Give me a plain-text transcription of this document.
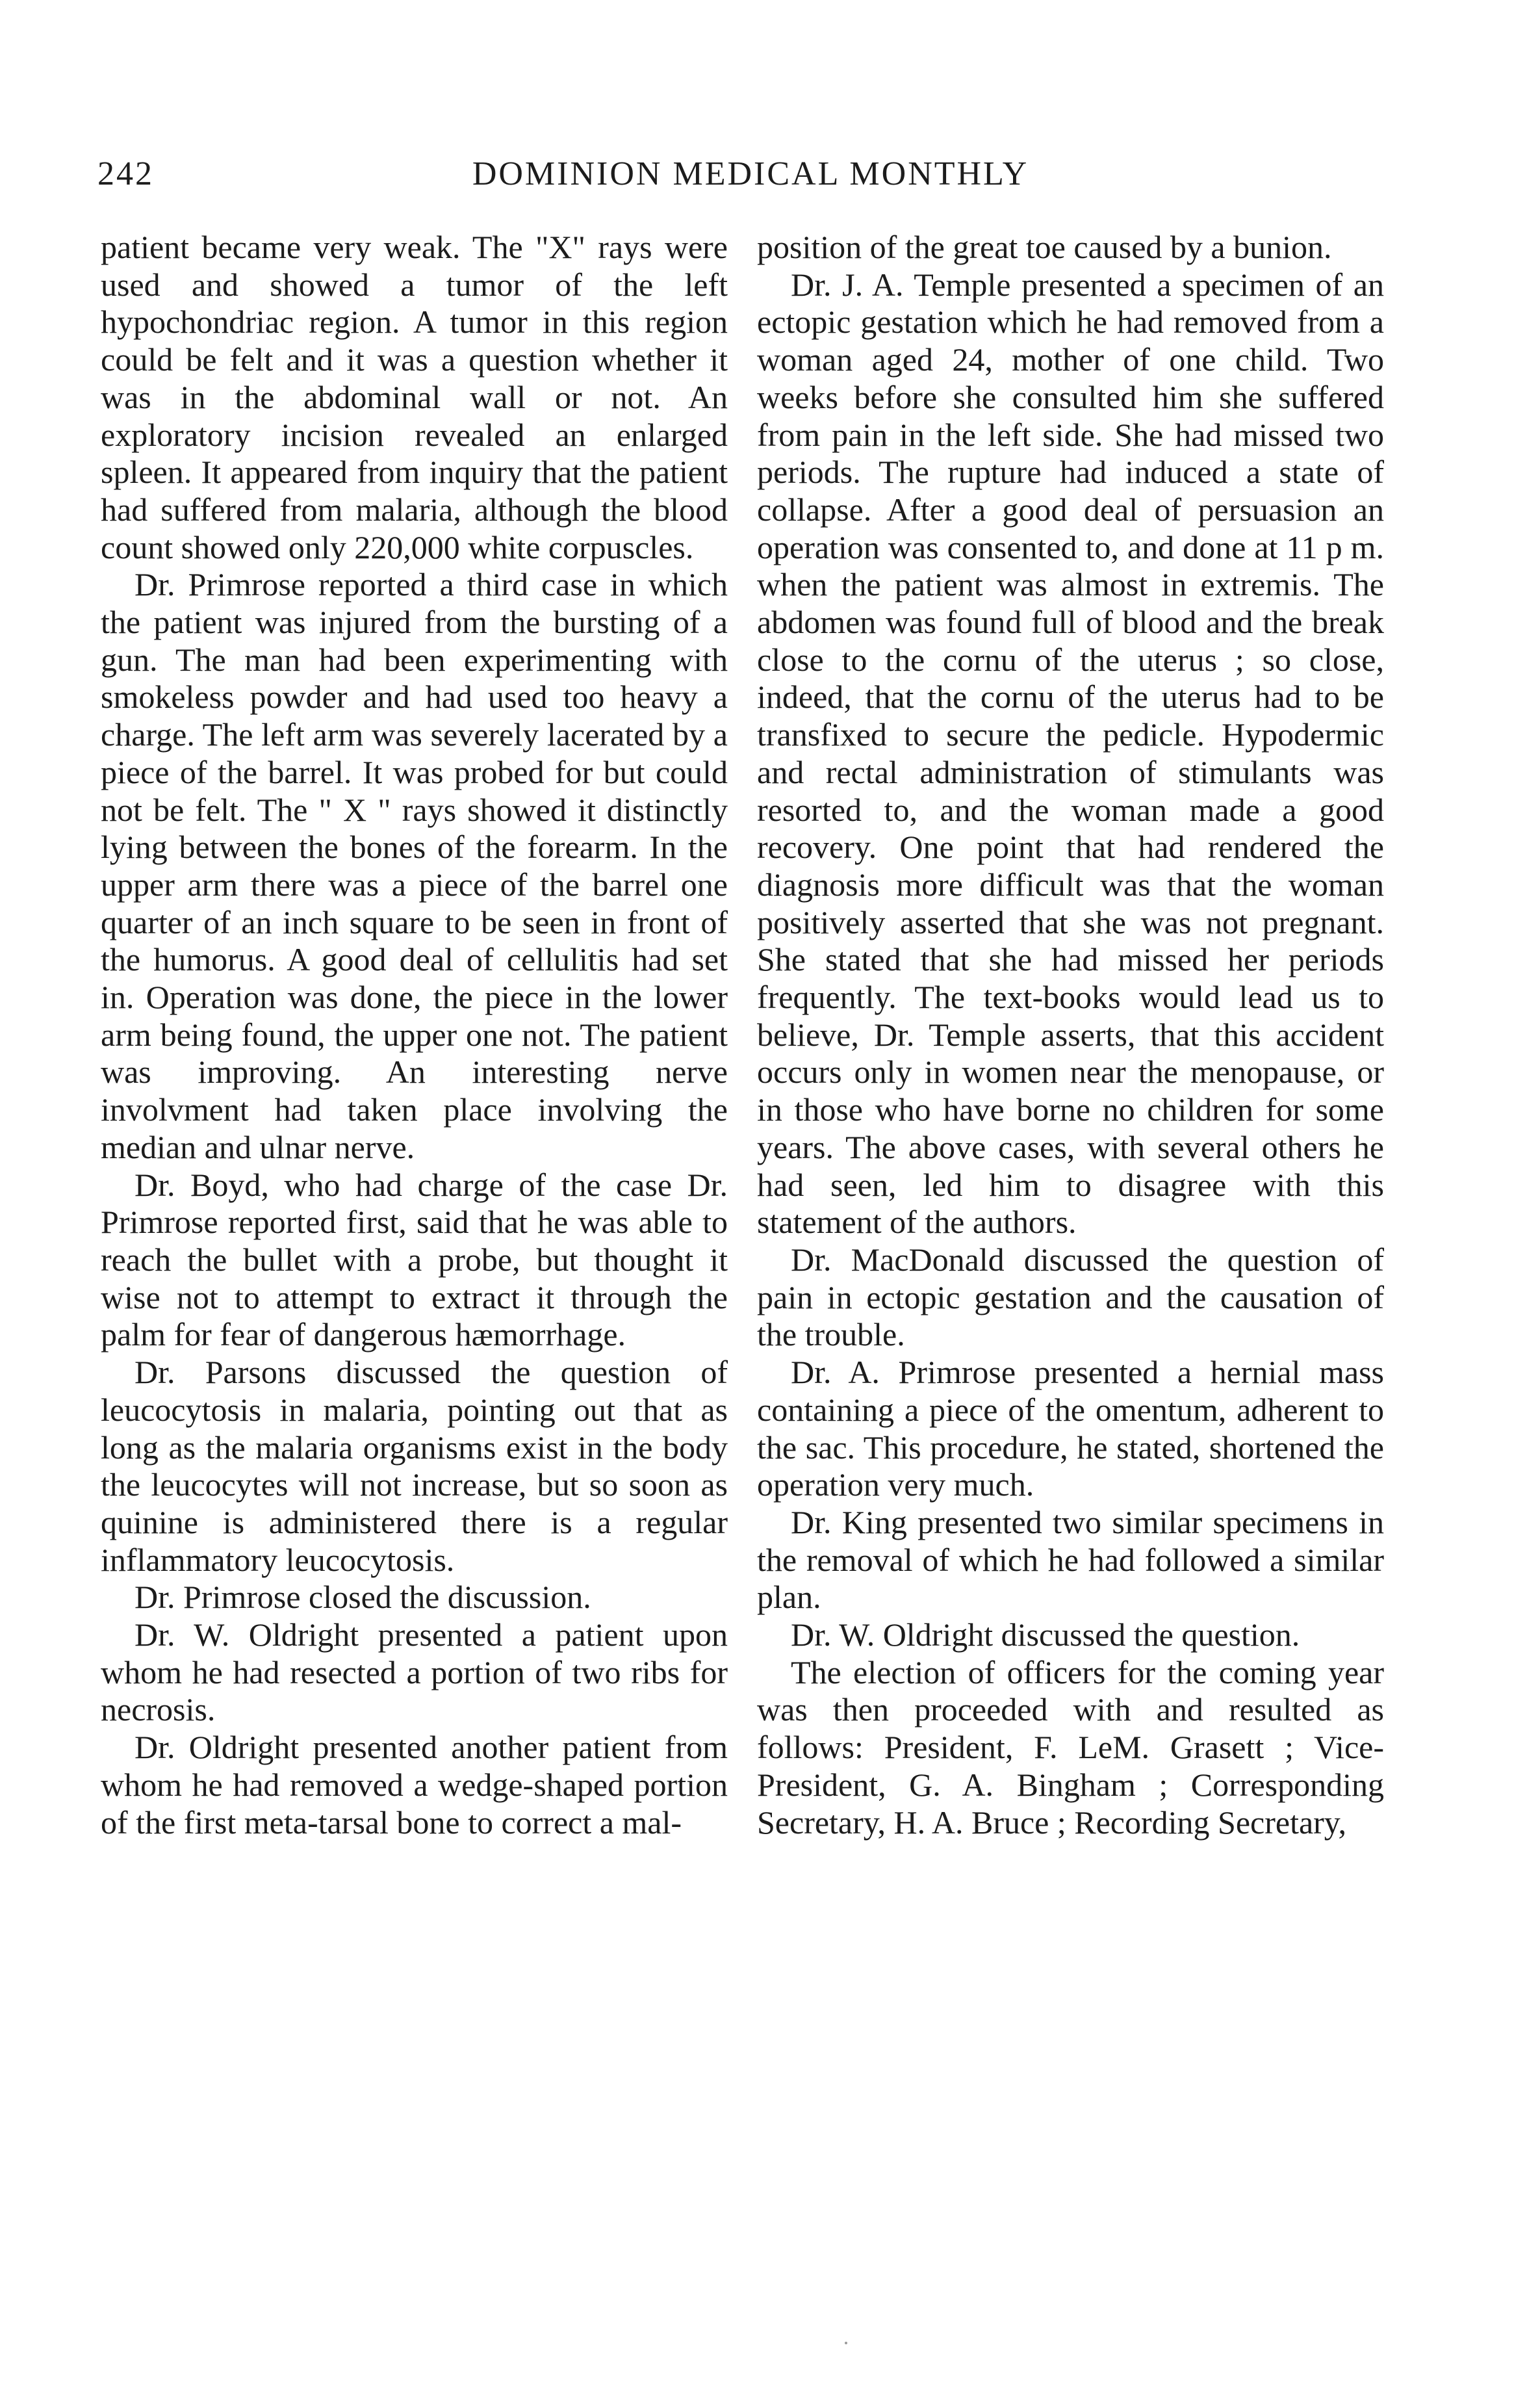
242	DOMINION MEDICAL MONTHLY

patient became very weak. The "X" rays were used and showed a tumor of the left hypochondriac region. A tumor in this region could be felt and it was a question whether it was in the abdominal wall or not. An exploratory incision revealed an enlarged spleen. It appeared from inquiry that the patient had suffered from malaria, although the blood count showed only 220,000 white corpuscles.

Dr. Primrose reported a third case in which the patient was injured from the bursting of a gun. The man had been experimenting with smokeless powder and had used too heavy a charge. The left arm was severely lacerated by a piece of the barrel. It was probed for but could not be felt. The " X " rays showed it distinctly lying between the bones of the forearm. In the upper arm there was a piece of the barrel one quarter of an inch square to be seen in front of the humorus. A good deal of cellulitis had set in. Operation was done, the piece in the lower arm being found, the upper one not. The patient was improving. An interesting nerve involvment had taken place involving the median and ulnar nerve.

Dr. Boyd, who had charge of the case Dr. Primrose reported first, said that he was able to reach the bullet with a probe, but thought it wise not to attempt to extract it through the palm for fear of dangerous hæmorrhage.

Dr. Parsons discussed the question of leucocytosis in malaria, pointing out that as long as the malaria organisms exist in the body the leucocytes will not increase, but so soon as quinine is administered there is a regular inflammatory leucocytosis.

Dr. Primrose closed the discussion.

Dr. W. Oldright presented a patient upon whom he had resected a portion of two ribs for necrosis.

Dr. Oldright presented another patient from whom he had removed a wedge-shaped portion of the first meta-tarsal bone to correct a mal-

position of the great toe caused by a bunion.

Dr. J. A. Temple presented a specimen of an ectopic gestation which he had removed from a woman aged 24, mother of one child. Two weeks before she consulted him she suffered from pain in the left side. She had missed two periods. The rupture had induced a state of collapse. After a good deal of persuasion an operation was consented to, and done at 11 p m. when the patient was almost in extremis. The abdomen was found full of blood and the break close to the cornu of the uterus ; so close, indeed, that the cornu of the uterus had to be transfixed to secure the pedicle. Hypodermic and rectal administration of stimulants was resorted to, and the woman made a good recovery. One point that had rendered the diagnosis more difficult was that the woman positively asserted that she was not pregnant. She stated that she had missed her periods frequently. The text-books would lead us to believe, Dr. Temple asserts, that this accident occurs only in women near the menopause, or in those who have borne no children for some years. The above cases, with several others he had seen, led him to disagree with this statement of the authors.

Dr. MacDonald discussed the question of pain in ectopic gestation and the causation of the trouble.

Dr. A. Primrose presented a hernial mass containing a piece of the omentum, adherent to the sac. This procedure, he stated, shortened the operation very much.

Dr. King presented two similar specimens in the removal of which he had followed a similar plan.

Dr. W. Oldright discussed the question.

The election of officers for the coming year was then proceeded with and resulted as follows: President, F. LeM. Grasett ; Vice-President, G. A. Bingham ; Corresponding Secretary, H. A. Bruce ; Recording Secretary,
